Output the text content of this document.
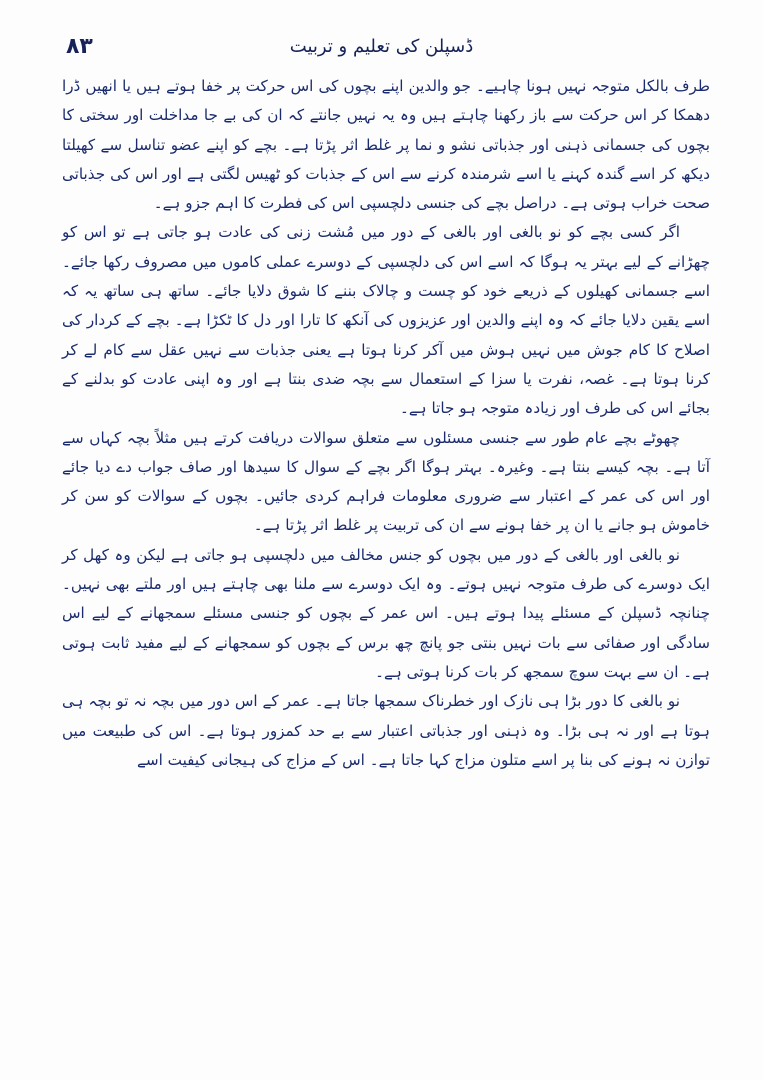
۸۳	ڈسپلن کی تعلیم و تربیت

طرف بالکل متوجہ نہیں ہونا چاہیے۔ جو والدین اپنے بچوں کی اس حرکت پر خفا ہوتے ہیں یا انھیں ڈرا دھمکا کر اس حرکت سے باز رکھنا چاہتے ہیں وہ یہ نہیں جانتے کہ ان کی بے جا مداخلت اور سختی کا بچوں کی جسمانی ذہنی اور جذباتی نشو و نما پر غلط اثر پڑتا ہے۔ بچے کو اپنے عضو تناسل سے کھیلتا دیکھ کر اسے گندہ کہنے یا اسے شرمندہ کرنے سے اس کے جذبات کو ٹھیس لگتی ہے اور اس کی جذباتی صحت خراب ہوتی ہے۔ دراصل بچے کی جنسی دلچسپی اس کی فطرت کا اہم جزو ہے۔

اگر کسی بچے کو نو بالغی اور بالغی کے دور میں مُشت زنی کی عادت ہو جاتی ہے تو اس کو چھڑانے کے لیے بہتر یہ ہوگا کہ اسے اس کی دلچسپی کے دوسرے عملی کاموں میں مصروف رکھا جائے۔ اسے جسمانی کھیلوں کے ذریعے خود کو چست و چالاک بننے کا شوق دلایا جائے۔ ساتھ ہی ساتھ یہ کہ اسے یقین دلایا جائے کہ وہ اپنے والدین اور عزیزوں کی آنکھ کا تارا اور دل کا ٹکڑا ہے۔ بچے کے کردار کی اصلاح کا کام جوش میں نہیں ہوش میں آکر کرنا ہوتا ہے یعنی جذبات سے نہیں عقل سے کام لے کر کرنا ہوتا ہے۔ غصہ، نفرت یا سزا کے استعمال سے بچہ ضدی بنتا ہے اور وہ اپنی عادت کو بدلنے کے بجائے اس کی طرف اور زیادہ متوجہ ہو جاتا ہے۔

چھوٹے بچے عام طور سے جنسی مسئلوں سے متعلق سوالات دریافت کرتے ہیں مثلاً بچہ کہاں سے آتا ہے۔ بچہ کیسے بنتا ہے۔ وغیرہ۔ بہتر ہوگا اگر بچے کے سوال کا سیدھا اور صاف جواب دے دیا جائے اور اس کی عمر کے اعتبار سے ضروری معلومات فراہم کردی جائیں۔ بچوں کے سوالات کو سن کر خاموش ہو جانے یا ان پر خفا ہونے سے ان کی تربیت پر غلط اثر پڑتا ہے۔

نو بالغی اور بالغی کے دور میں بچوں کو جنس مخالف میں دلچسپی ہو جاتی ہے لیکن وہ کھل کر ایک دوسرے کی طرف متوجہ نہیں ہوتے۔ وہ ایک دوسرے سے ملنا بھی چاہتے ہیں اور ملتے بھی نہیں۔ چنانچہ ڈسپلن کے مسئلے پیدا ہوتے ہیں۔ اس عمر کے بچوں کو جنسی مسئلے سمجھانے کے لیے اس سادگی اور صفائی سے بات نہیں بنتی جو پانچ چھ برس کے بچوں کو سمجھانے کے لیے مفید ثابت ہوتی ہے۔ ان سے بہت سوچ سمجھ کر بات کرنا ہوتی ہے۔

نو بالغی کا دور بڑا ہی نازک اور خطرناک سمجھا جاتا ہے۔ عمر کے اس دور میں بچہ نہ تو بچہ ہی ہوتا ہے اور نہ ہی بڑا۔ وہ ذہنی اور جذباتی اعتبار سے بے حد کمزور ہوتا ہے۔ اس کی طبیعت میں توازن نہ ہونے کی بنا پر اسے متلون مزاج کہا جاتا ہے۔ اس کے مزاج کی ہیجانی کیفیت اسے
